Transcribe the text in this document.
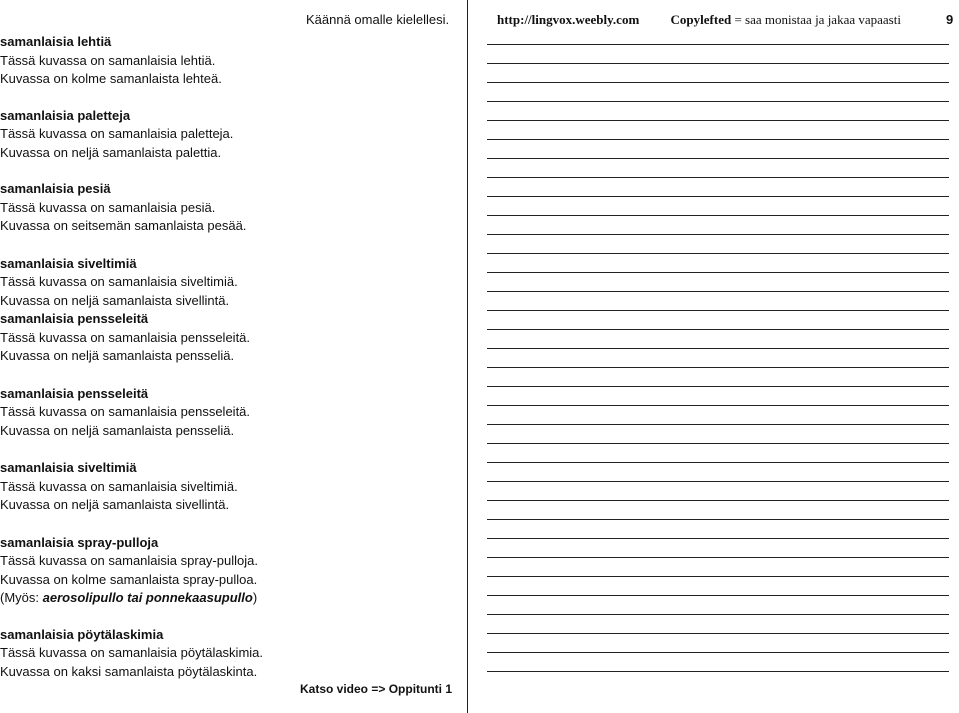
samanlaisia lehtiä
Tässä kuvassa on samanlaisia lehtiä.
Kuvassa on kolme samanlaista lehteä.
samanlaisia paletteja
Tässä kuvassa on samanlaisia paletteja.
Kuvassa on neljä samanlaista palettia.
samanlaisia pesiä
Tässä kuvassa on samanlaisia pesiä.
Kuvassa on seitsemän samanlaista pesää.
samanlaisia siveltimiä
Tässä kuvassa on samanlaisia siveltimiä.
Kuvassa on neljä samanlaista sivellintä.
samanlaisia pensseleitä
Tässä kuvassa on samanlaisia pensseleitä.
Kuvassa on neljä samanlaista pensseliä.
samanlaisia pensseleitä
Tässä kuvassa on samanlaisia pensseleitä.
Kuvassa on neljä samanlaista pensseliä.
samanlaisia siveltimiä
Tässä kuvassa on samanlaisia siveltimiä.
Kuvassa on neljä samanlaista sivellintä.
samanlaisia spray-pulloja
Tässä kuvassa on samanlaisia spray-pulloja.
Kuvassa on kolme samanlaista spray-pulloa.
(Myös: aerosolipullo tai ponnekaasupullo)
samanlaisia pöytälaskimia
Tässä kuvassa on samanlaisia pöytälaskimia.
Kuvassa on kaksi samanlaista pöytälaskinta.
Käännä omalle kielellesi.	http://lingvox.weebly.com Copylefted = saa monistaa ja jakaa vapaasti	9
Katso video => Oppitunti 1
